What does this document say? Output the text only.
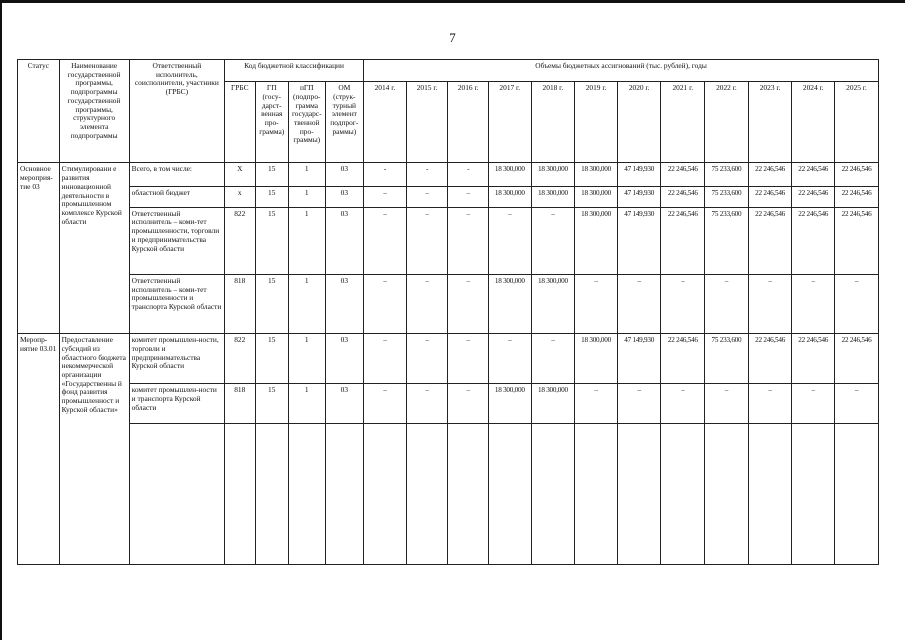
7
Статус	Наименование государственной программы, подпрограммы государственной программы, структурного элемента подпрограммы	Ответственный исполнитель, соисполнители, участники (ГРБС)	Код бюджетной классификации				Объемы бюджетных ассигнований (тыс. рублей), годы											
			ГРБС	ГП (госу-дарст-венная про-грамма)	пГП (подпро-грамма государс-твенной про-граммы)	ОМ (струк-турный элемент подпрог-раммы)	2014 г.	2015 г.	2016 г.	2017 г.	2018 г.	2019 г.	2020 г.	2021 г.	2022 г.	2023 г.	2024 г.	2025 г.
Основное мероприя-тие 03	Стимулировани е развития инновационной деятельности в промышленном комплексе Курской области	Всего, в том числе:	Х	15	1	03	-	-	-	18 300,000	18 300,000	18 300,000	47 149,930	22 246,546	75 233,600	22 246,546	22 246,546	22 246,546
		областной бюджет	х	15	1	03	–	–	–	18 300,000	18 300,000	18 300,000	47 149,930	22 246,546	75 233,600	22 246,546	22 246,546	22 246,546
		Ответственный исполнитель – коми-тет промышленности, торговли и предпринимательства Курской области	822	15	1	03	–	–	–	–	–	18 300,000	47 149,930	22 246,546	75 233,600	22 246,546	22 246,546	22 246,546
		Ответственный исполнитель – коми-тет промышленности и транспорта Курской области	818	15	1	03	–	–	–	18 300,000	18 300,000	–	–	–	–	–	–	–
Меропр-иятие 03.01	Предоставление субсидий из областного бюджета некоммерческой организации «Государственны й фонд развития промышленност и Курской области»	комитет промышлен-ности, торговли и предпринимательства Курской области	822	15	1	03	–	–	–	–	–	18 300,000	47 149,930	22 246,546	75 233,600	22 246,546	22 246,546	22 246,546
		комитет промышлен-ности и транспорта Курской области	818	15	1	03	–	–	–	18 300,000	18 300,000	–	–	–	–	–	–	–
